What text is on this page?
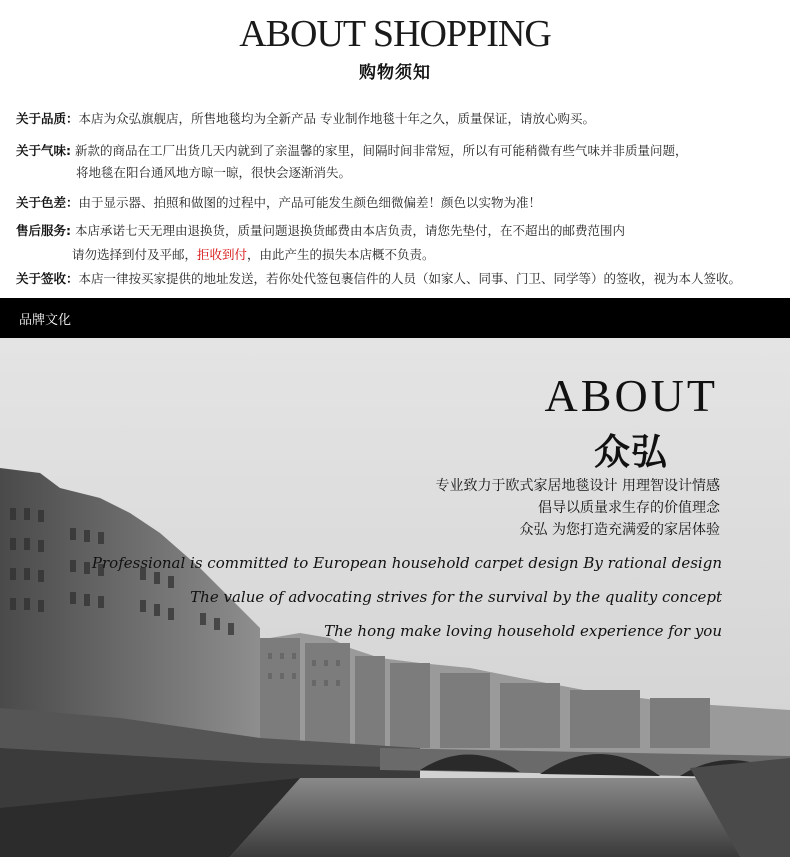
ABOUT SHOPPING
购物须知
关于品质：本店为众弘旗舰店，所售地毯均为全新产品 专业制作地毯十年之久，质量保证，请放心购买。
关于气味: 新款的商品在工厂出货几天内就到了亲温馨的家里，间隔时间非常短，所以有可能稍微有些气味并非质量问题，
将地毯在阳台通风地方晾一晾，很快会逐渐消失。
关于色差：由于显示器、拍照和做图的过程中，产品可能发生颜色细微偏差！颜色以实物为准！
售后服务: 本店承诺七天无理由退换货，质量问题退换货邮费由本店负责，请您先垫付，在不超出的邮费范围内
请勿选择到付及平邮，拒收到付，由此产生的损失本店概不负责。
关于签收：本店一律按买家提供的地址发送，若你处代签包裹信件的人员（如家人、同事、门卫、同学等）的签收，视为本人签收。
品牌文化
ABOUT
众弘
专业致力于欧式家居地毯设计 用理智设计情感
倡导以质量求生存的价值理念
众弘 为您打造充满爱的家居体验
Professional is committed to European household carpet design By rational design
The value of advocating strives for the survival by the quality concept
The hong make loving household experience for you
